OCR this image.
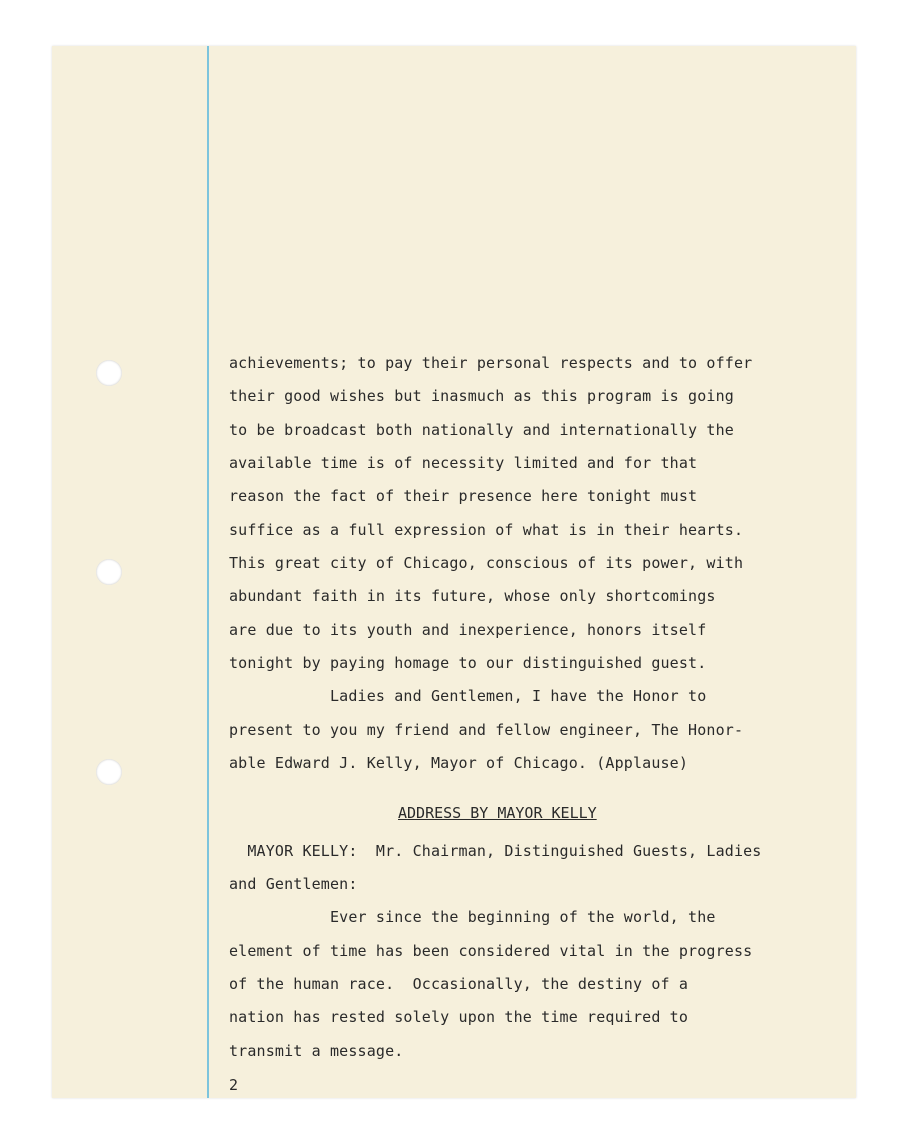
achievements; to pay their personal respects and to offer
their good wishes but inasmuch as this program is going
to be broadcast both nationally and internationally the
available time is of necessity limited and for that
reason the fact of their presence here tonight must
suffice as a full expression of what is in their hearts.
This great city of Chicago, conscious of its power, with
abundant faith in its future, whose only shortcomings
are due to its youth and inexperience, honors itself
tonight by paying homage to our distinguished guest.
Ladies and Gentlemen, I have the Honor to
present to you my friend and fellow engineer, The Honor-
able Edward J. Kelly, Mayor of Chicago. (Applause)
MAYOR KELLY:  Mr. Chairman, Distinguished Guests, Ladies
and Gentlemen:
Ever since the beginning of the world, the
element of time has been considered vital in the progress
of the human race.  Occasionally, the destiny of a
nation has rested solely upon the time required to
transmit a message.
ADDRESS BY MAYOR KELLY
2
